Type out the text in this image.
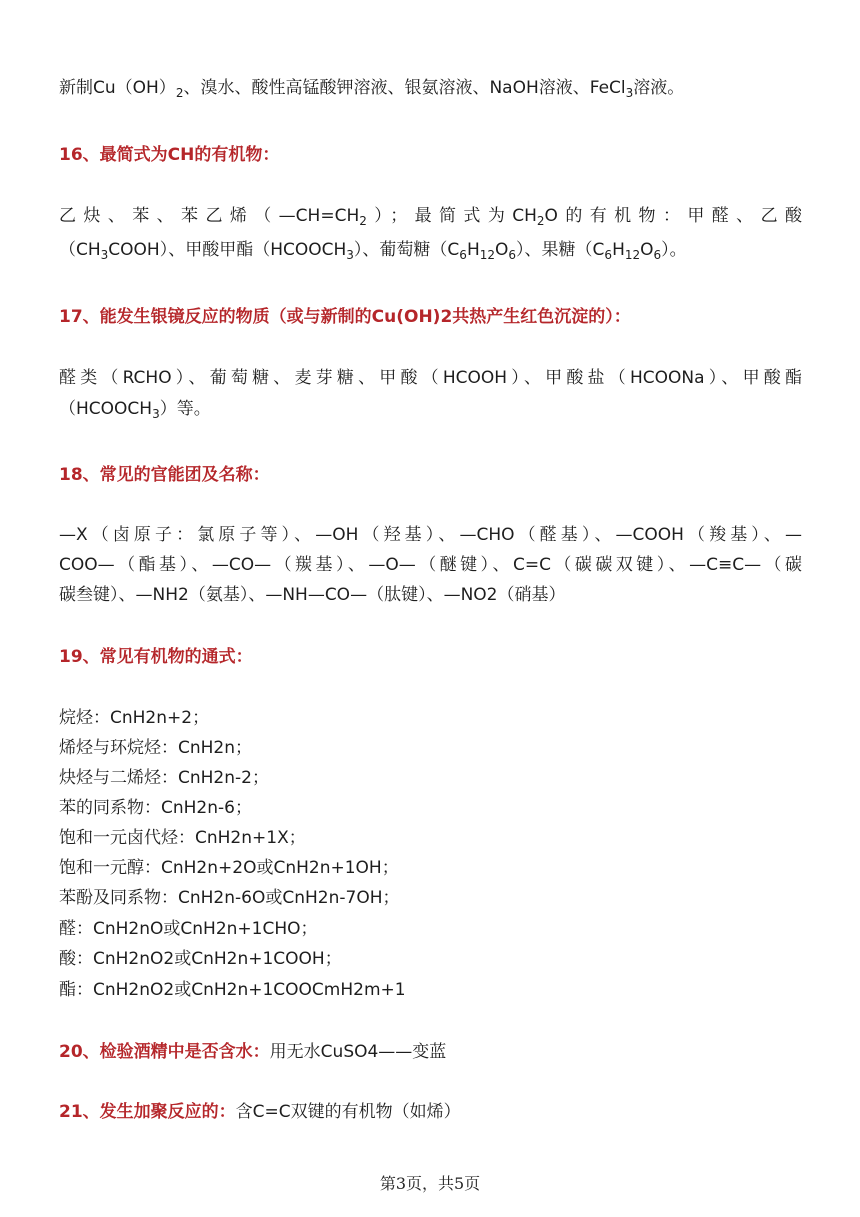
新制$Cu(OH)_2$、溴水、酸性高锰酸钾溶液、银氨溶液、NaOH溶液、FeCl$_3$溶液。
16、最简式为CH的有机物：
乙炔、苯、苯乙烯$(—CH=CH_2)$；最简式为$CH_2O$的有机物：甲醛、乙酸
$(CH_3COOH)$、甲酸甲酯$(HCOOCH_3)$、葡萄糖$(C_6H_{12}O_6)$、果糖$(C_6H_{12}O_6)$。
17、能发生银镜反应的物质（或与新制的Cu(OH)2共热产生红色沉淀的）：
醛类（RCHO）、葡萄糖、麦芽糖、甲酸（HCOOH）、甲酸盐（HCOONa）、甲酸酯
$(HCOOCH_3)$等。
18、常见的官能团及名称：
—X（卤原子：氯原子等）、—OH（羟基）、—CHO（醛基）、—COOH（羧基）、—
COO—（酯基）、—CO—（羰基）、—O—（醚键）、C=C（碳碳双键）、—C≡C—（碳
碳叁键）、—NH2（氨基）、—NH—CO—（肽键）、—NO2（硝基）
19、常见有机物的通式：
烷烃：CnH2n+2；
烯烃与环烷烃：CnH2n；
炔烃与二烯烃：CnH2n-2；
苯的同系物：CnH2n-6；
饱和一元卤代烃：CnH2n+1X；
饱和一元醇：CnH2n+2O或CnH2n+1OH；
苯酚及同系物：CnH2n-6O或CnH2n-7OH；
醛：CnH2nO或CnH2n+1CHO；
酸：CnH2nO2或CnH2n+1COOH；
酯：CnH2nO2或CnH2n+1COOCmH2m+1
20、检验酒精中是否含水：用无水CuSO4——变蓝
21、发生加聚反应的：含C=C双键的有机物（如烯）
第3页，共5页
